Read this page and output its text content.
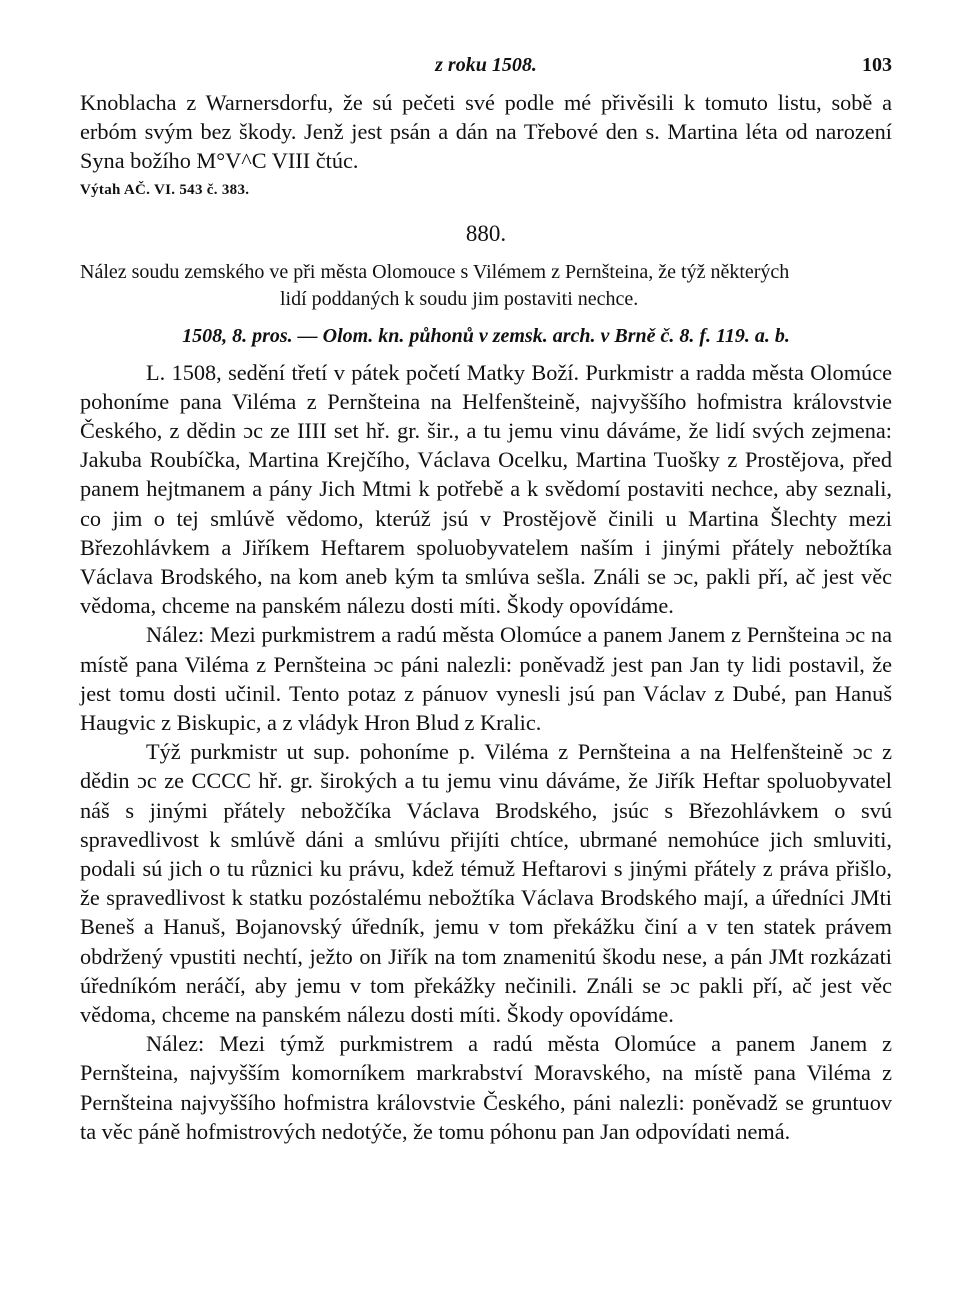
z roku 1508.	103

Knoblacha z Warnersdorfu, že sú pečeti své podle mé přivěsili k tomuto listu, sobě a erbóm svým bez škody. Jenž jest psán a dán na Třebové den s. Martina léta od narození Syna božího M°V^C VIII čtúc.

Výtah AČ. VI. 543 č. 383.

880.

Nález soudu zemského ve při města Olomouce s Vilémem z Pernšteina, že týž některých
lidí poddaných k soudu jim postaviti nechce.

1508, 8. pros. — Olom. kn. půhonů v zemsk. arch. v Brně č. 8. f. 119. a. b.

L. 1508, sedění třetí v pátek početí Matky Boží. Purkmistr a radda města Olomúce pohoníme pana Viléma z Pernšteina na Helfenšteině, najvyššího hofmistra královstvie Českého, z dědin ɔc ze IIII set hř. gr. šir., a tu jemu vinu dáváme, že lidí svých zejmena: Jakuba Roubíčka, Martina Krejčího, Václava Ocelku, Martina Tuošky z Prostějova, před panem hejtmanem a pány Jich Mtmi k potřebě a k svědomí postaviti nechce, aby seznali, co jim o tej smlúvě vědomo, kterúž jsú v Prostějově činili u Martina Šlechty mezi Březohlávkem a Jiříkem Heftarem spoluobyvatelem naším i jinými přátely nebožtíka Václava Brodského, na kom aneb kým ta smlúva sešla. Ználi se ɔc, pakli pří, ač jest věc vědoma, chceme na panském nálezu dosti míti. Škody opovídáme.

Nález: Mezi purkmistrem a radú města Olomúce a panem Janem z Pernšteina ɔc na místě pana Viléma z Pernšteina ɔc páni nalezli: poněvadž jest pan Jan ty lidi postavil, že jest tomu dosti učinil. Tento potaz z pánuov vynesli jsú pan Václav z Dubé, pan Hanuš Haugvic z Biskupic, a z vládyk Hron Blud z Kralic.

Týž purkmistr ut sup. pohoníme p. Viléma z Pernšteina a na Helfenšteině ɔc z dědin ɔc ze CCCC hř. gr. širokých a tu jemu vinu dáváme, že Jiřík Heftar spoluobyvatel náš s jinými přátely nebožčíka Václava Brodského, jsúc s Březohlávkem o svú spravedlivost k smlúvě dáni a smlúvu přijíti chtíce, ubrmané nemohúce jich smluviti, podali sú jich o tu různici ku právu, kdež témuž Heftarovi s jinými přátely z práva přišlo, že spravedlivost k statku pozóstalému nebožtíka Václava Brodského mají, a úředníci JMti Beneš a Hanuš, Bojanovský úředník, jemu v tom překážku činí a v ten statek právem obdržený vpustiti nechtí, ježto on Jiřík na tom znamenitú škodu nese, a pán JMt rozkázati úředníkóm neráčí, aby jemu v tom překážky nečinili. Ználi se ɔc pakli pří, ač jest věc vědoma, chceme na panském nálezu dosti míti. Škody opovídáme.

Nález: Mezi týmž purkmistrem a radú města Olomúce a panem Janem z Pernšteina, najvyšším komorníkem markrabství Moravského, na místě pana Viléma z Pernšteina najvyššího hofmistra královstvie Českého, páni nalezli: poněvadž se gruntuov ta věc páně hofmistrových nedotýče, že tomu póhonu pan Jan odpovídati nemá.
